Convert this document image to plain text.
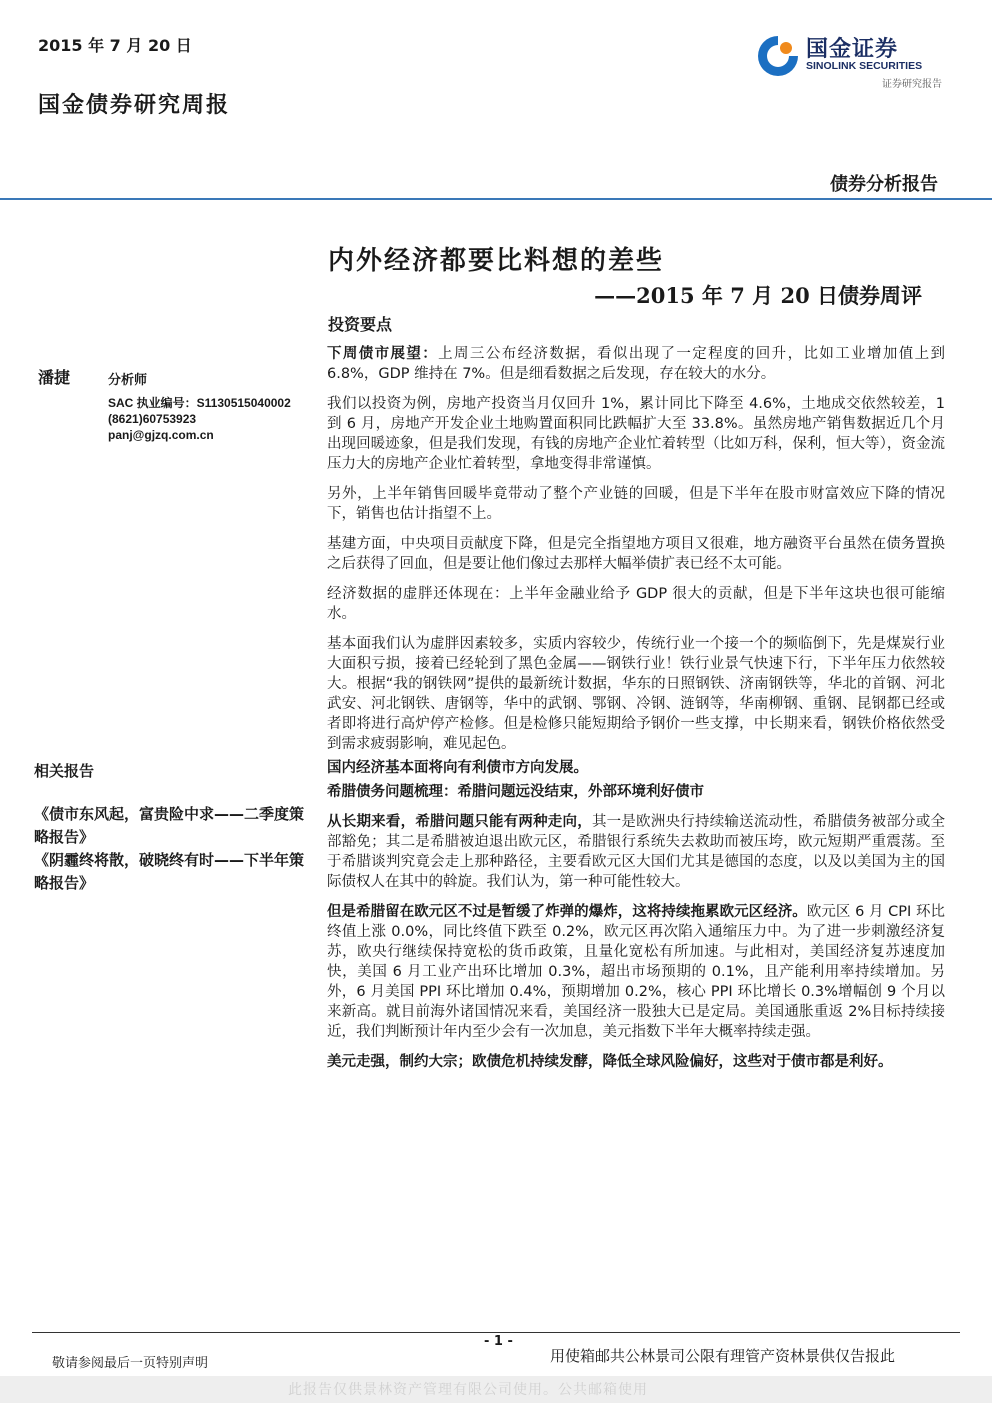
2015 年 7 月 20 日	国金证券
SINOLINK SECURITIES
证券研究报告
国金债券研究周报
债券分析报告
内外经济都要比料想的差些
——2015 年 7 月 20 日债券周评
投资要点
潘捷	分析师
SAC 执业编号：S1130515040002
(8621)60753923
panj@gjzq.com.cn
相关报告
《债市东风起，富贵险中求——二季度策略报告》
《阴霾终将散，破晓终有时——下半年策略报告》

下周债市展望：上周三公布经济数据，看似出现了一定程度的回升，比如工业增加值上到 6.8%，GDP 维持在 7%。但是细看数据之后发现，存在较大的水分。

我们以投资为例，房地产投资当月仅回升 1%，累计同比下降至 4.6%，土地成交依然较差，1 到 6 月，房地产开发企业土地购置面积同比跌幅扩大至 33.8%。虽然房地产销售数据近几个月出现回暖迹象，但是我们发现，有钱的房地产企业忙着转型（比如万科，保利，恒大等），资金流压力大的房地产企业忙着转型，拿地变得非常谨慎。

另外，上半年销售回暖毕竟带动了整个产业链的回暖，但是下半年在股市财富效应下降的情况下，销售也估计指望不上。

基建方面，中央项目贡献度下降，但是完全指望地方项目又很难，地方融资平台虽然在债务置换之后获得了回血，但是要让他们像过去那样大幅举债扩表已经不太可能。

经济数据的虚胖还体现在：上半年金融业给予 GDP 很大的贡献，但是下半年这块也很可能缩水。

基本面我们认为虚胖因素较多，实质内容较少，传统行业一个接一个的频临倒下，先是煤炭行业大面积亏损，接着已经轮到了黑色金属——钢铁行业！铁行业景气快速下行，下半年压力依然较大。根据“我的钢铁网”提供的最新统计数据，华东的日照钢铁、济南钢铁等，华北的首钢、河北武安、河北钢铁、唐钢等，华中的武钢、鄂钢、冷钢、涟钢等，华南柳钢、重钢、昆钢都已经或者即将进行高炉停产检修。但是检修只能短期给予钢价一些支撑，中长期来看，钢铁价格依然受到需求疲弱影响，难见起色。

国内经济基本面将向有利债市方向发展。

希腊债务问题梳理：希腊问题远没结束，外部环境利好债市

从长期来看，希腊问题只能有两种走向，其一是欧洲央行持续输送流动性，希腊债务被部分或全部豁免；其二是希腊被迫退出欧元区，希腊银行系统失去救助而被压垮，欧元短期严重震荡。至于希腊谈判究竟会走上那种路径，主要看欧元区大国们尤其是德国的态度，以及以美国为主的国际债权人在其中的斡旋。我们认为，第一种可能性较大。

但是希腊留在欧元区不过是暂缓了炸弹的爆炸，这将持续拖累欧元区经济。欧元区 6 月 CPI 环比终值上涨 0.0%，同比终值下跌至 0.2%，欧元区再次陷入通缩压力中。为了进一步刺激经济复苏，欧央行继续保持宽松的货币政策，且量化宽松有所加速。与此相对，美国经济复苏速度加快，美国 6 月工业产出环比增加 0.3%，超出市场预期的 0.1%，且产能利用率持续增加。另外，6 月美国 PPI 环比增加 0.4%，预期增加 0.2%，核心 PPI 环比增长 0.3%增幅创 9 个月以来新高。就目前海外诸国情况来看，美国经济一股独大已是定局。美国通胀重返 2%目标持续接近，我们判断预计年内至少会有一次加息，美元指数下半年大概率持续走强。

美元走强，制约大宗；欧债危机持续发酵，降低全球风险偏好，这些对于债市都是利好。

- 1 -
敬请参阅最后一页特别声明	用使箱邮共公林景司公限有理管产资林景供仅告报此
此报告仅供景林资产管理有限公司使用。公共邮箱使用
